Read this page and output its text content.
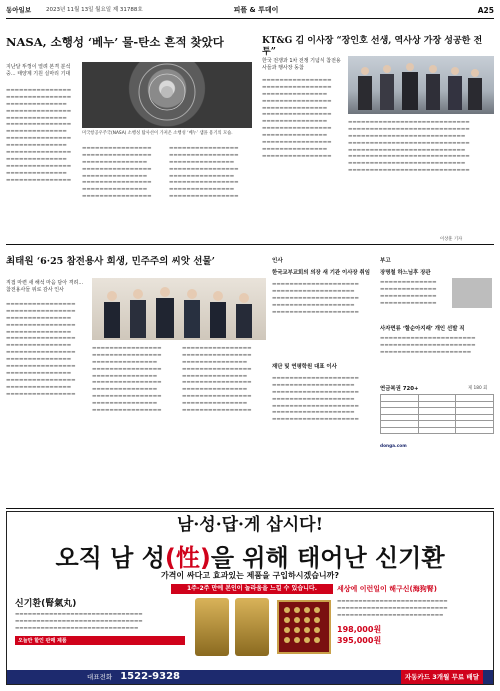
동아일보	2023년 11월 13일 월요일 제 31788호	피플 & 투데이	A25
NASA, 소행성 ‘베누’ 물-탄소 흔적 찾았다
지난달 뚜껑이 열려 본격 분석 중... 태양계 기원 실마리 기대
▬▬▬▬▬▬▬▬▬▬▬▬▬▬▬ ▬▬▬▬▬▬▬▬▬▬▬▬▬▬▬ ▬▬▬▬▬▬▬▬▬▬▬▬▬▬ ▬▬▬▬▬▬▬▬▬▬▬▬▬▬▬ ▬▬▬▬▬▬▬▬▬▬▬▬▬▬ ▬▬▬▬▬▬▬▬▬▬▬▬▬▬▬ ▬▬▬▬▬▬▬▬▬▬▬▬▬▬ ▬▬▬▬▬▬▬▬▬▬▬▬▬▬▬ ▬▬▬▬▬▬▬▬▬▬▬▬▬▬ ▬▬▬▬▬▬▬▬▬▬▬▬▬▬▬ ▬▬▬▬▬▬▬▬▬▬▬▬▬▬ ▬▬▬▬▬▬▬▬▬▬▬▬▬▬▬ ▬▬▬▬▬▬▬▬▬▬▬▬▬▬ ▬▬▬▬▬▬▬▬▬▬▬▬▬▬▬
미국항공우주국(NASA) 소행성 탐사선이 가져온 소행성 ‘베누’ 샘플 용기의 모습.
▬▬▬▬▬▬▬▬▬▬▬▬▬▬▬▬ ▬▬▬▬▬▬▬▬▬▬▬▬▬▬▬▬ ▬▬▬▬▬▬▬▬▬▬▬▬▬▬▬ ▬▬▬▬▬▬▬▬▬▬▬▬▬▬▬▬ ▬▬▬▬▬▬▬▬▬▬▬▬▬▬▬ ▬▬▬▬▬▬▬▬▬▬▬▬▬▬▬▬ ▬▬▬▬▬▬▬▬▬▬▬▬▬▬▬ ▬▬▬▬▬▬▬▬▬▬▬▬▬▬▬▬
▬▬▬▬▬▬▬▬▬▬▬▬▬▬▬▬ ▬▬▬▬▬▬▬▬▬▬▬▬▬▬▬▬ ▬▬▬▬▬▬▬▬▬▬▬▬▬▬▬ ▬▬▬▬▬▬▬▬▬▬▬▬▬▬▬▬ ▬▬▬▬▬▬▬▬▬▬▬▬▬▬▬ ▬▬▬▬▬▬▬▬▬▬▬▬▬▬▬▬ ▬▬▬▬▬▬▬▬▬▬▬▬▬▬▬ ▬▬▬▬▬▬▬▬▬▬▬▬▬▬▬▬
KT&G 김 이사장 “장인호 선생, 역사상 가장 성공한 전투”
한국 전쟁과 1차 전쟁 기념식 참전용사들과 행사장 동참
▬▬▬▬▬▬▬▬▬▬▬▬▬▬▬▬ ▬▬▬▬▬▬▬▬▬▬▬▬▬▬▬▬ ▬▬▬▬▬▬▬▬▬▬▬▬▬▬▬ ▬▬▬▬▬▬▬▬▬▬▬▬▬▬▬▬ ▬▬▬▬▬▬▬▬▬▬▬▬▬▬▬ ▬▬▬▬▬▬▬▬▬▬▬▬▬▬▬▬ ▬▬▬▬▬▬▬▬▬▬▬▬▬▬▬ ▬▬▬▬▬▬▬▬▬▬▬▬▬▬▬▬ ▬▬▬▬▬▬▬▬▬▬▬▬▬▬▬ ▬▬▬▬▬▬▬▬▬▬▬▬▬▬▬▬ ▬▬▬▬▬▬▬▬▬▬▬▬▬▬▬ ▬▬▬▬▬▬▬▬▬▬▬▬▬▬▬▬
▬▬▬▬▬▬▬▬▬▬▬▬▬▬▬▬▬▬▬▬▬▬▬▬▬▬▬▬ ▬▬▬▬▬▬▬▬▬▬▬▬▬▬▬▬▬▬▬▬▬▬▬▬▬▬▬▬ ▬▬▬▬▬▬▬▬▬▬▬▬▬▬▬▬▬▬▬▬▬▬▬▬▬▬▬ ▬▬▬▬▬▬▬▬▬▬▬▬▬▬▬▬▬▬▬▬▬▬▬▬▬▬▬▬ ▬▬▬▬▬▬▬▬▬▬▬▬▬▬▬▬▬▬▬▬▬▬▬▬▬▬▬ ▬▬▬▬▬▬▬▬▬▬▬▬▬▬▬▬▬▬▬▬▬▬▬▬▬▬▬▬ ▬▬▬▬▬▬▬▬▬▬▬▬▬▬▬▬▬▬▬▬▬▬▬▬▬▬▬ ▬▬▬▬▬▬▬▬▬▬▬▬▬▬▬▬▬▬▬▬▬▬▬▬▬▬▬▬
이상훈 기자
최태원 ‘6·25 참전용사 희생, 민주주의 씨앗 선물’
직접 마련 새 해석 마음 담아 격려... 참전용사들 위로 감사 인사
▬▬▬▬▬▬▬▬▬▬▬▬▬▬▬▬ ▬▬▬▬▬▬▬▬▬▬▬▬▬▬▬▬ ▬▬▬▬▬▬▬▬▬▬▬▬▬▬▬ ▬▬▬▬▬▬▬▬▬▬▬▬▬▬▬▬ ▬▬▬▬▬▬▬▬▬▬▬▬▬▬▬ ▬▬▬▬▬▬▬▬▬▬▬▬▬▬▬▬ ▬▬▬▬▬▬▬▬▬▬▬▬▬▬▬ ▬▬▬▬▬▬▬▬▬▬▬▬▬▬▬▬ ▬▬▬▬▬▬▬▬▬▬▬▬▬▬▬ ▬▬▬▬▬▬▬▬▬▬▬▬▬▬▬▬ ▬▬▬▬▬▬▬▬▬▬▬▬▬▬▬ ▬▬▬▬▬▬▬▬▬▬▬▬▬▬▬▬ ▬▬▬▬▬▬▬▬▬▬▬▬▬▬▬ ▬▬▬▬▬▬▬▬▬▬▬▬▬▬▬▬
▬▬▬▬▬▬▬▬▬▬▬▬▬▬▬▬ ▬▬▬▬▬▬▬▬▬▬▬▬▬▬▬▬ ▬▬▬▬▬▬▬▬▬▬▬▬▬▬▬ ▬▬▬▬▬▬▬▬▬▬▬▬▬▬▬▬ ▬▬▬▬▬▬▬▬▬▬▬▬▬▬▬ ▬▬▬▬▬▬▬▬▬▬▬▬▬▬▬▬ ▬▬▬▬▬▬▬▬▬▬▬▬▬▬▬ ▬▬▬▬▬▬▬▬▬▬▬▬▬▬▬▬ ▬▬▬▬▬▬▬▬▬▬▬▬▬▬▬ ▬▬▬▬▬▬▬▬▬▬▬▬▬▬▬▬
▬▬▬▬▬▬▬▬▬▬▬▬▬▬▬▬ ▬▬▬▬▬▬▬▬▬▬▬▬▬▬▬▬ ▬▬▬▬▬▬▬▬▬▬▬▬▬▬▬ ▬▬▬▬▬▬▬▬▬▬▬▬▬▬▬▬ ▬▬▬▬▬▬▬▬▬▬▬▬▬▬▬ ▬▬▬▬▬▬▬▬▬▬▬▬▬▬▬▬ ▬▬▬▬▬▬▬▬▬▬▬▬▬▬▬ ▬▬▬▬▬▬▬▬▬▬▬▬▬▬▬▬ ▬▬▬▬▬▬▬▬▬▬▬▬▬▬▬ ▬▬▬▬▬▬▬▬▬▬▬▬▬▬▬▬
인사
한국교부교회의 의장 새 기관 이사장 취임
▬▬▬▬▬▬▬▬▬▬▬▬▬▬▬▬▬▬▬▬ ▬▬▬▬▬▬▬▬▬▬▬▬▬▬▬▬▬▬▬ ▬▬▬▬▬▬▬▬▬▬▬▬▬▬▬▬▬▬▬▬ ▬▬▬▬▬▬▬▬▬▬▬▬▬▬▬▬▬▬▬ ▬▬▬▬▬▬▬▬▬▬▬▬▬▬▬▬▬▬▬▬
재단 및 연평학원 대표 이사
▬▬▬▬▬▬▬▬▬▬▬▬▬▬▬▬▬▬▬▬ ▬▬▬▬▬▬▬▬▬▬▬▬▬▬▬▬▬▬▬ ▬▬▬▬▬▬▬▬▬▬▬▬▬▬▬▬▬▬▬▬ ▬▬▬▬▬▬▬▬▬▬▬▬▬▬▬▬▬▬▬ ▬▬▬▬▬▬▬▬▬▬▬▬▬▬▬▬▬▬▬▬ ▬▬▬▬▬▬▬▬▬▬▬▬▬▬▬▬▬▬▬ ▬▬▬▬▬▬▬▬▬▬▬▬▬▬▬▬▬▬▬▬
부고
장명철 하느님후 장관
▬▬▬▬▬▬▬▬▬▬▬▬▬ ▬▬▬▬▬▬▬▬▬▬▬▬▬ ▬▬▬▬▬▬▬▬▬▬▬▬▬ ▬▬▬▬▬▬▬▬▬▬▬▬▬
사자면류 ‘할순아지래’ 개인 선발 직
▬▬▬▬▬▬▬▬▬▬▬▬▬▬▬▬▬▬▬▬▬▬ ▬▬▬▬▬▬▬▬▬▬▬▬▬▬▬▬▬▬▬▬▬▬ ▬▬▬▬▬▬▬▬▬▬▬▬▬▬▬▬▬▬▬▬▬
연금복권 720+	제 180 회

donga.com
남·성·답·게 삽시다!
오직 남 성(性)을 위해 태어난 신기환
가격이 싸다고 효과있는 제품을 구입하시겠습니까?
1주-2주 만에 본인이 놀라움을 느낄 수 있습니다.
신기환(腎氣丸)
▬▬▬▬▬▬▬▬▬▬▬▬▬▬▬▬▬▬▬▬▬▬▬▬▬▬▬▬▬▬ ▬▬▬▬▬▬▬▬▬▬▬▬▬▬▬▬▬▬▬▬▬▬▬▬▬▬▬▬▬▬ ▬▬▬▬▬▬▬▬▬▬▬▬▬▬▬▬▬▬▬▬▬▬▬▬▬▬▬▬▬
오늘만 할인 판매 제품
세상에 이런일이 해구신(海狗腎)
▬▬▬▬▬▬▬▬▬▬▬▬▬▬▬▬▬▬▬▬▬▬▬▬▬▬ ▬▬▬▬▬▬▬▬▬▬▬▬▬▬▬▬▬▬▬▬▬▬▬▬▬▬ ▬▬▬▬▬▬▬▬▬▬▬▬▬▬▬▬▬▬▬▬▬▬▬▬▬
198,000원
395,000원
대표전화 1522-9328	자동카드 3개월 무료 배달
